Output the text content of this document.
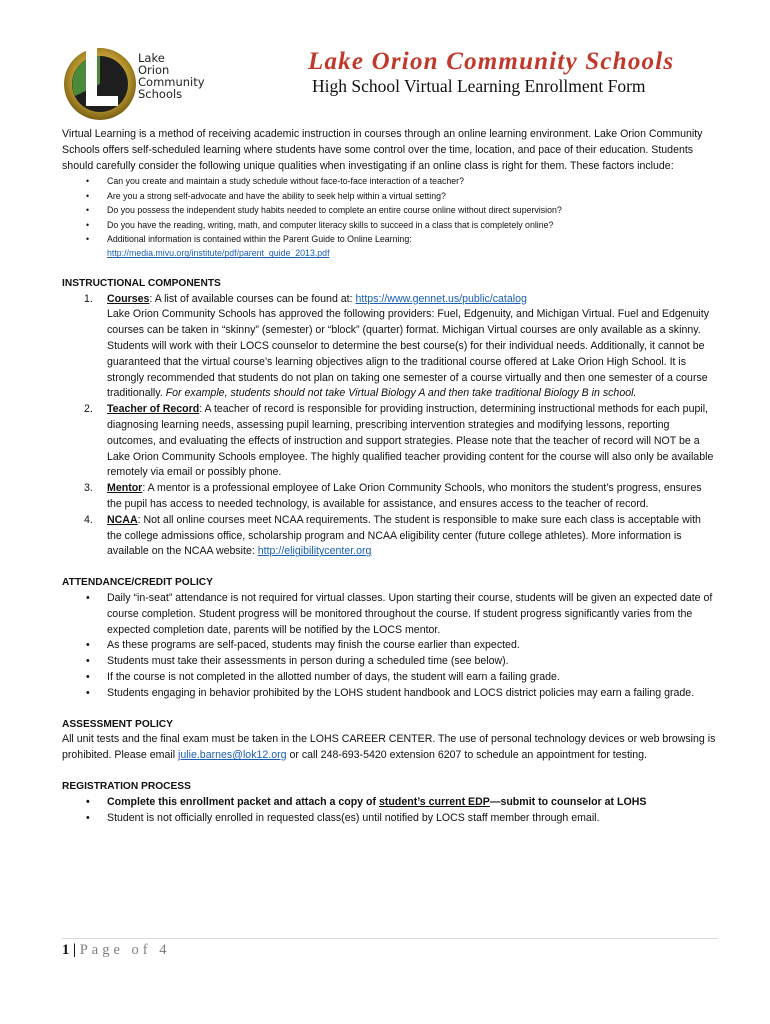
Lake
Orion
Community
Schools
Lake Orion Community Schools
High School Virtual Learning Enrollment Form

Virtual Learning is a method of receiving academic instruction in courses through an online learning environment. Lake Orion Community Schools offers self-scheduled learning where students have some control over the time, location, and pace of their education. Students should carefully consider the following unique qualities when investigating if an online class is right for them. These factors include:

• Can you create and maintain a study schedule without face-to-face interaction of a teacher?
• Are you a strong self-advocate and have the ability to seek help within a virtual setting?
• Do you possess the independent study habits needed to complete an entire course online without direct supervision?
• Do you have the reading, writing, math, and computer literacy skills to succeed in a class that is completely online?
• Additional information is contained within the Parent Guide to Online Learning:
http://media.mivu.org/institute/pdf/parent_guide_2013.pdf

INSTRUCTIONAL COMPONENTS

1. Courses: A list of available courses can be found at: https://www.gennet.us/public/catalog
Lake Orion Community Schools has approved the following providers: Fuel, Edgenuity, and Michigan Virtual. Fuel and Edgenuity courses can be taken in “skinny” (semester) or “block” (quarter) format. Michigan Virtual courses are only available as a skinny. Students will work with their LOCS counselor to determine the best course(s) for their individual needs. Additionally, it cannot be guaranteed that the virtual course’s learning objectives align to the traditional course offered at Lake Orion High School. It is strongly recommended that students do not plan on taking one semester of a course virtually and then one semester of a course traditionally. For example, students should not take Virtual Biology A and then take traditional Biology B in school.
2. Teacher of Record: A teacher of record is responsible for providing instruction, determining instructional methods for each pupil, diagnosing learning needs, assessing pupil learning, prescribing intervention strategies and modifying lessons, reporting outcomes, and evaluating the effects of instruction and support strategies. Please note that the teacher of record will NOT be a Lake Orion Community Schools employee. The highly qualified teacher providing content for the course will also only be available remotely via email or possibly phone.
3. Mentor: A mentor is a professional employee of Lake Orion Community Schools, who monitors the student’s progress, ensures the pupil has access to needed technology, is available for assistance, and ensures access to the teacher of record.
4. NCAA: Not all online courses meet NCAA requirements. The student is responsible to make sure each class is acceptable with the college admissions office, scholarship program and NCAA eligibility center (future college athletes). More information is available on the NCAA website: http://eligibilitycenter.org

ATTENDANCE/CREDIT POLICY

• Daily “in-seat” attendance is not required for virtual classes. Upon starting their course, students will be given an expected date of course completion. Student progress will be monitored throughout the course. If student progress significantly varies from the expected completion date, parents will be notified by the LOCS mentor.
• As these programs are self-paced, students may finish the course earlier than expected.
• Students must take their assessments in person during a scheduled time (see below).
• If the course is not completed in the allotted number of days, the student will earn a failing grade.
• Students engaging in behavior prohibited by the LOHS student handbook and LOCS district policies may earn a failing grade.

ASSESSMENT POLICY

All unit tests and the final exam must be taken in the LOHS CAREER CENTER. The use of personal technology devices or web browsing is prohibited. Please email julie.barnes@lok12.org or call 248-693-5420 extension 6207 to schedule an appointment for testing.

REGISTRATION PROCESS

• Complete this enrollment packet and attach a copy of student’s current EDP—submit to counselor at LOHS
• Student is not officially enrolled in requested class(es) until notified by LOCS staff member through email.
1 | Page of 4
